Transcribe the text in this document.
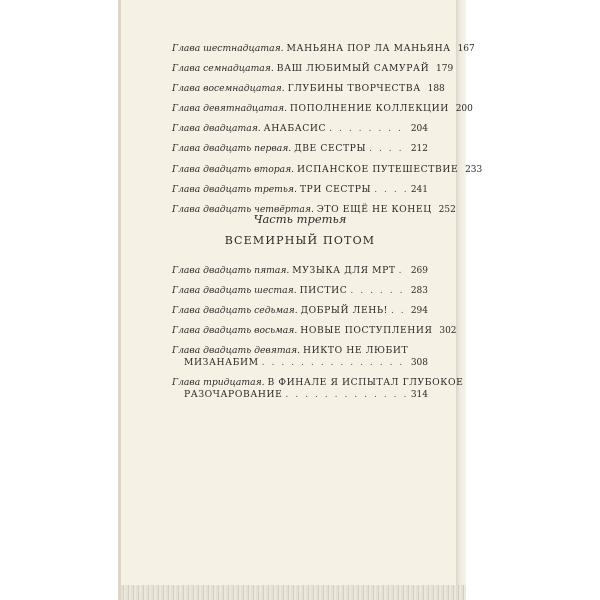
Глава шестнадцатая. МАНЬЯНА ПОР ЛА МАНЬЯНА 167
Глава семнадцатая. ВАШ ЛЮБИМЫЙ САМУРАЙ 179
Глава восемнадцатая. ГЛУБИНЫ ТВОРЧЕСТВА 188
Глава девятнадцатая. ПОПОЛНЕНИЕ КОЛЛЕКЦИИ 200
Глава двадцатая. АНАБАСИС . . .	204
Глава двадцать первая. ДВЕ СЕСТРЫ . . .	212
Глава двадцать вторая. ИСПАНСКОЕ ПУТЕШЕСТВИЕ 233
Глава двадцать третья. ТРИ СЕСТРЫ . . .	241
Глава двадцать четвёртая. ЭТО ЕЩЁ НЕ КОНЕЦ 252
Часть третья
ВСЕМИРНЫЙ ПОТОМ
Глава двадцать пятая. МУЗЫКА ДЛЯ МРТ . . . 269
Глава двадцать шестая. ПИСТИС . . .	283
Глава двадцать седьмая. ДОБРЫЙ ЛЕНЬ! . . .	294
Глава двадцать восьмая. НОВЫЕ ПОСТУПЛЕНИЯ 302
Глава двадцать девятая. НИКТО НЕ ЛЮБИТ
МИЗАНАБИМ . . .	308
Глава тридцатая. В ФИНАЛЕ Я ИСПЫТАЛ ГЛУБОКОЕ
РАЗОЧАРОВАНИЕ . . .	314
